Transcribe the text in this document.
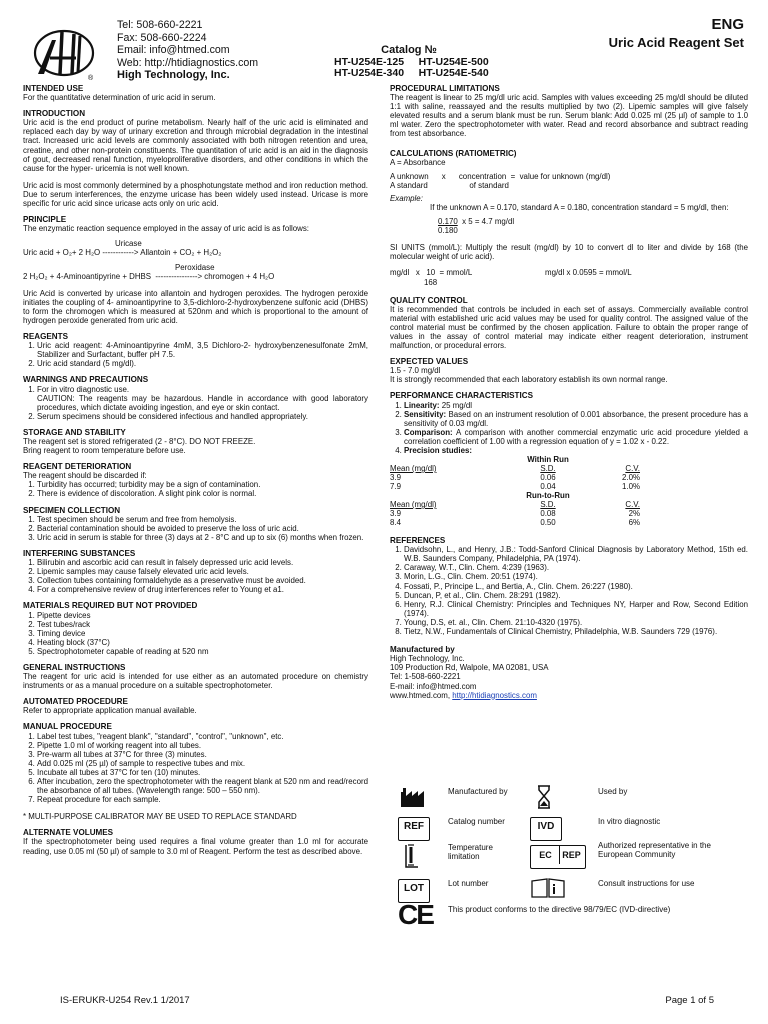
®
Tel: 508-660-2221
Fax: 508-660-2224
Email: info@htmed.com
Web: http://htidiagnostics.com
High Technology, Inc.
ENG
Uric Acid Reagent Set
Catalog №
HT-U254E-125     HT-U254E-500
HT-U254E-340     HT-U254E-540
INTENDED USE

For the quantitative determination of uric acid in serum.

INTRODUCTION

Uric acid is the end product of purine metabolism. Nearly half of the uric acid is eliminated and replaced each day by way of urinary excretion and through microbial degradation in the intestinal tract. Increased uric acid levels are commonly associated with both nitrogen retention and urea, creatine, and other non-protein constituents. The quantitation of uric acid is an aid in the diagnosis of gout, decreased renal function, myeloproliferative disorders, and other conditions in which the cause for the hyper- uricemia is not well known.

Uric acid is most commonly determined by a phosphotungstate method and iron reduction method. Due to serum interferences, the enzyme uricase has been widely used instead. Uricase is more specific for uric acid since uricase acts only on uric acid.

PRINCIPLE

The enzymatic reaction sequence employed in the assay of uric acid is as follows:

Uricase
Uric acid + O₂+ 2 H₂O ------------> Allantoin + CO₂ + H₂O₂
Peroxidase
2 H₂O₂ + 4-Aminoantipyrine + DHBS  ----------------> chromogen + 4 H₂O

Uric Acid is converted by uricase into allantoin and hydrogen peroxides. The hydrogen peroxide initiates the coupling of 4- aminoantipyrine to 3,5-dichloro-2-hydroxybenzene sulfonic acid (DHBS) to form the chromogen which is measured at 520nm and which is proportional to the amount of hydrogen peroxide generated from uric acid.

REAGENTS
1. Uric acid reagent: 4-Aminoantipyrine 4mM, 3,5 Dichloro-2- hydroxybenzenesulfonate 2mM, Stabilizer and Surfactant, buffer pH 7.5.
2. Uric acid standard (5 mg/dl).
WARNINGS AND PRECAUTIONS
1. For in vitro diagnostic use.
CAUTION: The reagents may be hazardous. Handle in accordance with good laboratory procedures, which dictate avoiding ingestion, and eye or skin contact.
2. Serum specimens should be considered infectious and handled appropriately.
STORAGE AND STABILITY

The reagent set is stored refrigerated (2 - 8°C). DO NOT FREEZE.

Bring reagent to room temperature before use.

REAGENT DETERIORATION

The reagent should be discarded if:

1. Turbidity has occurred; turbidity may be a sign of contamination.
2. There is evidence of discoloration. A slight pink color is normal.
SPECIMEN COLLECTION
1. Test specimen should be serum and free from hemolysis.
2. Bacterial contamination should be avoided to preserve the loss of uric acid.
3. Uric acid in serum is stable for three (3) days at 2 - 8°C and up to six (6) months when frozen.
INTERFERING SUBSTANCES
1. Bilirubin and ascorbic acid can result in falsely depressed uric acid levels.
2. Lipemic samples may cause falsely elevated uric acid levels.
3. Collection tubes containing formaldehyde as a preservative must be avoided.
4. For a comprehensive review of drug interferences refer to Young et a1.
MATERIALS REQUIRED BUT NOT PROVIDED
1. Pipette devices
2. Test tubes/rack
3. Timing device
4. Heating block (37°C)
5. Spectrophotometer capable of reading at 520 nm
GENERAL INSTRUCTIONS

The reagent for uric acid is intended for use either as an automated procedure on chemistry instruments or as a manual procedure on a suitable spectrophotometer.

AUTOMATED PROCEDURE

Refer to appropriate application manual available.

MANUAL PROCEDURE
1. Label test tubes, "reagent blank", "standard", "control", "unknown", etc.
2. Pipette 1.0 ml of working reagent into all tubes.
3. Pre-warm all tubes at 37°C for three (3) minutes.
4. Add 0.025 ml (25 µl) of sample to respective tubes and mix.
5. Incubate all tubes at 37°C for ten (10) minutes.
6. After incubation, zero the spectrophotometer with the reagent blank at 520 nm and read/record the absorbance of all tubes. (Wavelength range: 500 – 550 nm).
7. Repeat procedure for each sample.

* MULTI-PURPOSE CALIBRATOR MAY BE USED TO REPLACE STANDARD

ALTERNATE VOLUMES

If the spectrophotometer being used requires a final volume greater than 1.0 ml for accurate reading, use 0.05 ml (50 µl) of sample to 3.0 ml of Reagent. Perform the test as described above.

PROCEDURAL LIMITATIONS

The reagent is linear to 25 mg/dl uric acid. Samples with values exceeding 25 mg/dl should be diluted 1:1 with saline, reassayed and the results multiplied by two (2). Lipemic samples will give falsely elevated results and a serum blank must be run. Serum blank: Add 0.025 ml (25 µl) of sample to 1.0 ml water. Zero the spectrophotometer with water. Read and record absorbance and subtract reading from test absorbance.

CALCULATIONS (RATIOMETRIC)

A = Absorbance

A unknown      x      concentration  =  value for unknown (mg/dl)
A standard                   of standard
Example:
If the unknown A = 0.170, standard A = 0.180, concentration standard = 5 mg/dl, then:
0.170  x 5 = 4.7 mg/dl
0.180

SI UNITS (mmol/L): Multiply the result (mg/dl) by 10 to convert dl to liter and divide by 168 (the molecular weight of uric acid).

mg/dl   x   10  = mmol/L	mg/dl x 0.0595 = mmol/L
168
QUALITY CONTROL

It is recommended that controls be included in each set of assays. Commercially available control material with established uric acid values may be used for quality control. The assigned value of the control material must be confirmed by the chosen application. Failure to obtain the proper range of values in the assay of control material may indicate either reagent deterioration, instrument malfunction, or procedural errors.

EXPECTED VALUES

1.5 - 7.0 mg/dl

It is strongly recommended that each laboratory establish its own normal range.

PERFORMANCE CHARACTERISTICS
1. Linearity: 25 mg/dl
2. Sensitivity: Based on an instrument resolution of 0.001 absorbance, the present procedure has a sensitivity of 0.03 mg/dl.
3. Comparison: A comparison with another commercial enzymatic uric acid procedure yielded a correlation coefficient of 1.00 with a regression equation of y = 1.02 x - 0.22.
4. Precision studies:
	Within Run	
Mean (mg/dl)	S.D.	C.V.
3.9	0.06	2.0%
7.9	0.04	1.0%
	Run-to-Run	
Mean (mg/dl)	S.D.	C.V.
3.9	0.08	2%
8.4	0.50	6%
REFERENCES
1. Davidsohn, L., and Henry, J.B.: Todd-Sanford Clinical Diagnosis by Laboratory Method, 15th ed. W.B. Saunders Company, Philadelphia, PA (1974).
2. Caraway, W.T., Clin. Chem. 4:239 (1963).
3. Morin, L.G., Clin. Chem. 20:51 (1974).
4. Fossati, P., Principe L., and Bertia, A., Clin. Chem. 26:227 (1980).
5. Duncan, P, et al., Clin. Chem. 28:291 (1982).
6. Henry, R.J. Clinical Chemistry: Principles and Techniques NY, Harper and Row, Second Edition (1974).
7. Young, D.S, et. al., Clin. Chem. 21:10-4320 (1975).
8. Tietz, N.W., Fundamentals of Clinical Chemistry, Philadelphia, W.B. Saunders 729 (1976).
Manufactured by

High Technology, Inc.

109 Production Rd, Walpole, MA 02081, USA

Tel: 1-508-660-2221

E-mail: info@htmed.com

www.htmed.com, http://htidiagnostics.com

Manufactured by	Used by
REF	Catalog number	IVD	In vitro diagnostic
Temperature limitation	EC REP
Authorized representative in the European Community
LOT	Lot number	Consult instructions for use
CE This product conforms to the directive 98/79/EC (IVD-directive)
IS-ERUKR-U254 Rev.1 1/2017	Page 1 of 5
